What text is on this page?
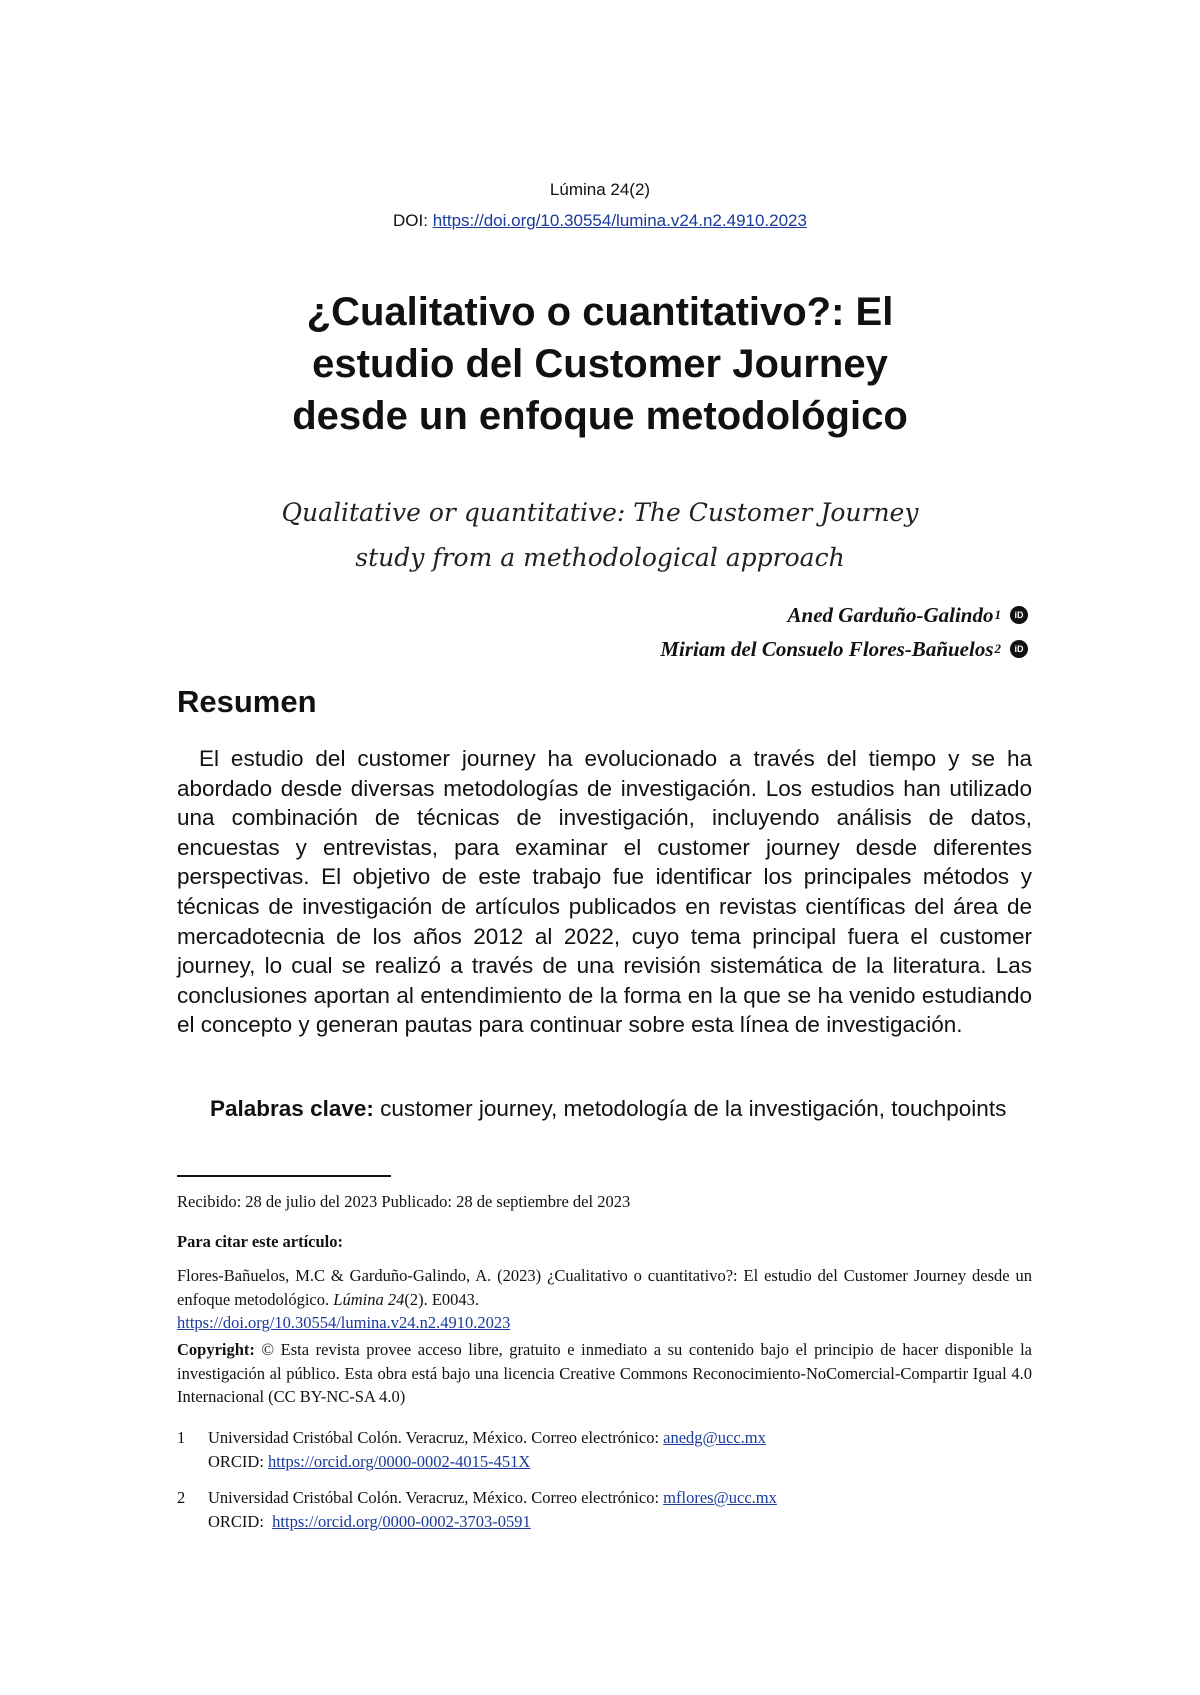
Lúmina 24(2)
DOI: https://doi.org/10.30554/lumina.v24.n2.4910.2023
¿Cualitativo o cuantitativo?: El
estudio del Customer Journey
desde un enfoque metodológico
Qualitative or quantitative: The Customer Journey
study from a methodological approach
Aned Garduño-Galindo 1	iD
Miriam del Consuelo Flores-Bañuelos 2	iD
Resumen

El estudio del customer journey ha evolucionado a través del tiempo y se ha abordado desde diversas metodologías de investigación. Los estudios han utilizado una combinación de técnicas de investigación, incluyendo análisis de datos, encuestas y entrevistas, para examinar el customer journey desde diferentes perspectivas. El objetivo de este trabajo fue identificar los principales métodos y técnicas de investigación de artículos publicados en revistas científicas del área de mercadotecnia de los años 2012 al 2022, cuyo tema principal fuera el customer journey, lo cual se realizó a través de una revisión sistemática de la literatura. Las conclusiones aportan al entendimiento de la forma en la que se ha venido estudiando el concepto y generan pautas para continuar sobre esta línea de investigación.

Palabras clave: customer journey, metodología de la investigación, touchpoints

Recibido: 28 de julio del 2023 Publicado: 28 de septiembre del 2023
Para citar este artículo:
Flores-Bañuelos, M.C & Garduño-Galindo, A. (2023) ¿Cualitativo o cuantitativo?: El estudio del Customer Journey desde un enfoque metodológico. Lúmina 24(2). E0043.
https://doi.org/10.30554/lumina.v24.n2.4910.2023
Copyright: © Esta revista provee acceso libre, gratuito e inmediato a su contenido bajo el principio de hacer disponible la investigación al público. Esta obra está bajo una licencia Creative Commons Reconocimiento-NoComercial-Compartir Igual 4.0 Internacional (CC BY-NC-SA 4.0)
1	Universidad Cristóbal Colón. Veracruz, México. Correo electrónico: anedg@ucc.mx
ORCID: https://orcid.org/0000-0002-4015-451X
2	Universidad Cristóbal Colón. Veracruz, México. Correo electrónico: mflores@ucc.mx
ORCID:  https://orcid.org/0000-0002-3703-0591
